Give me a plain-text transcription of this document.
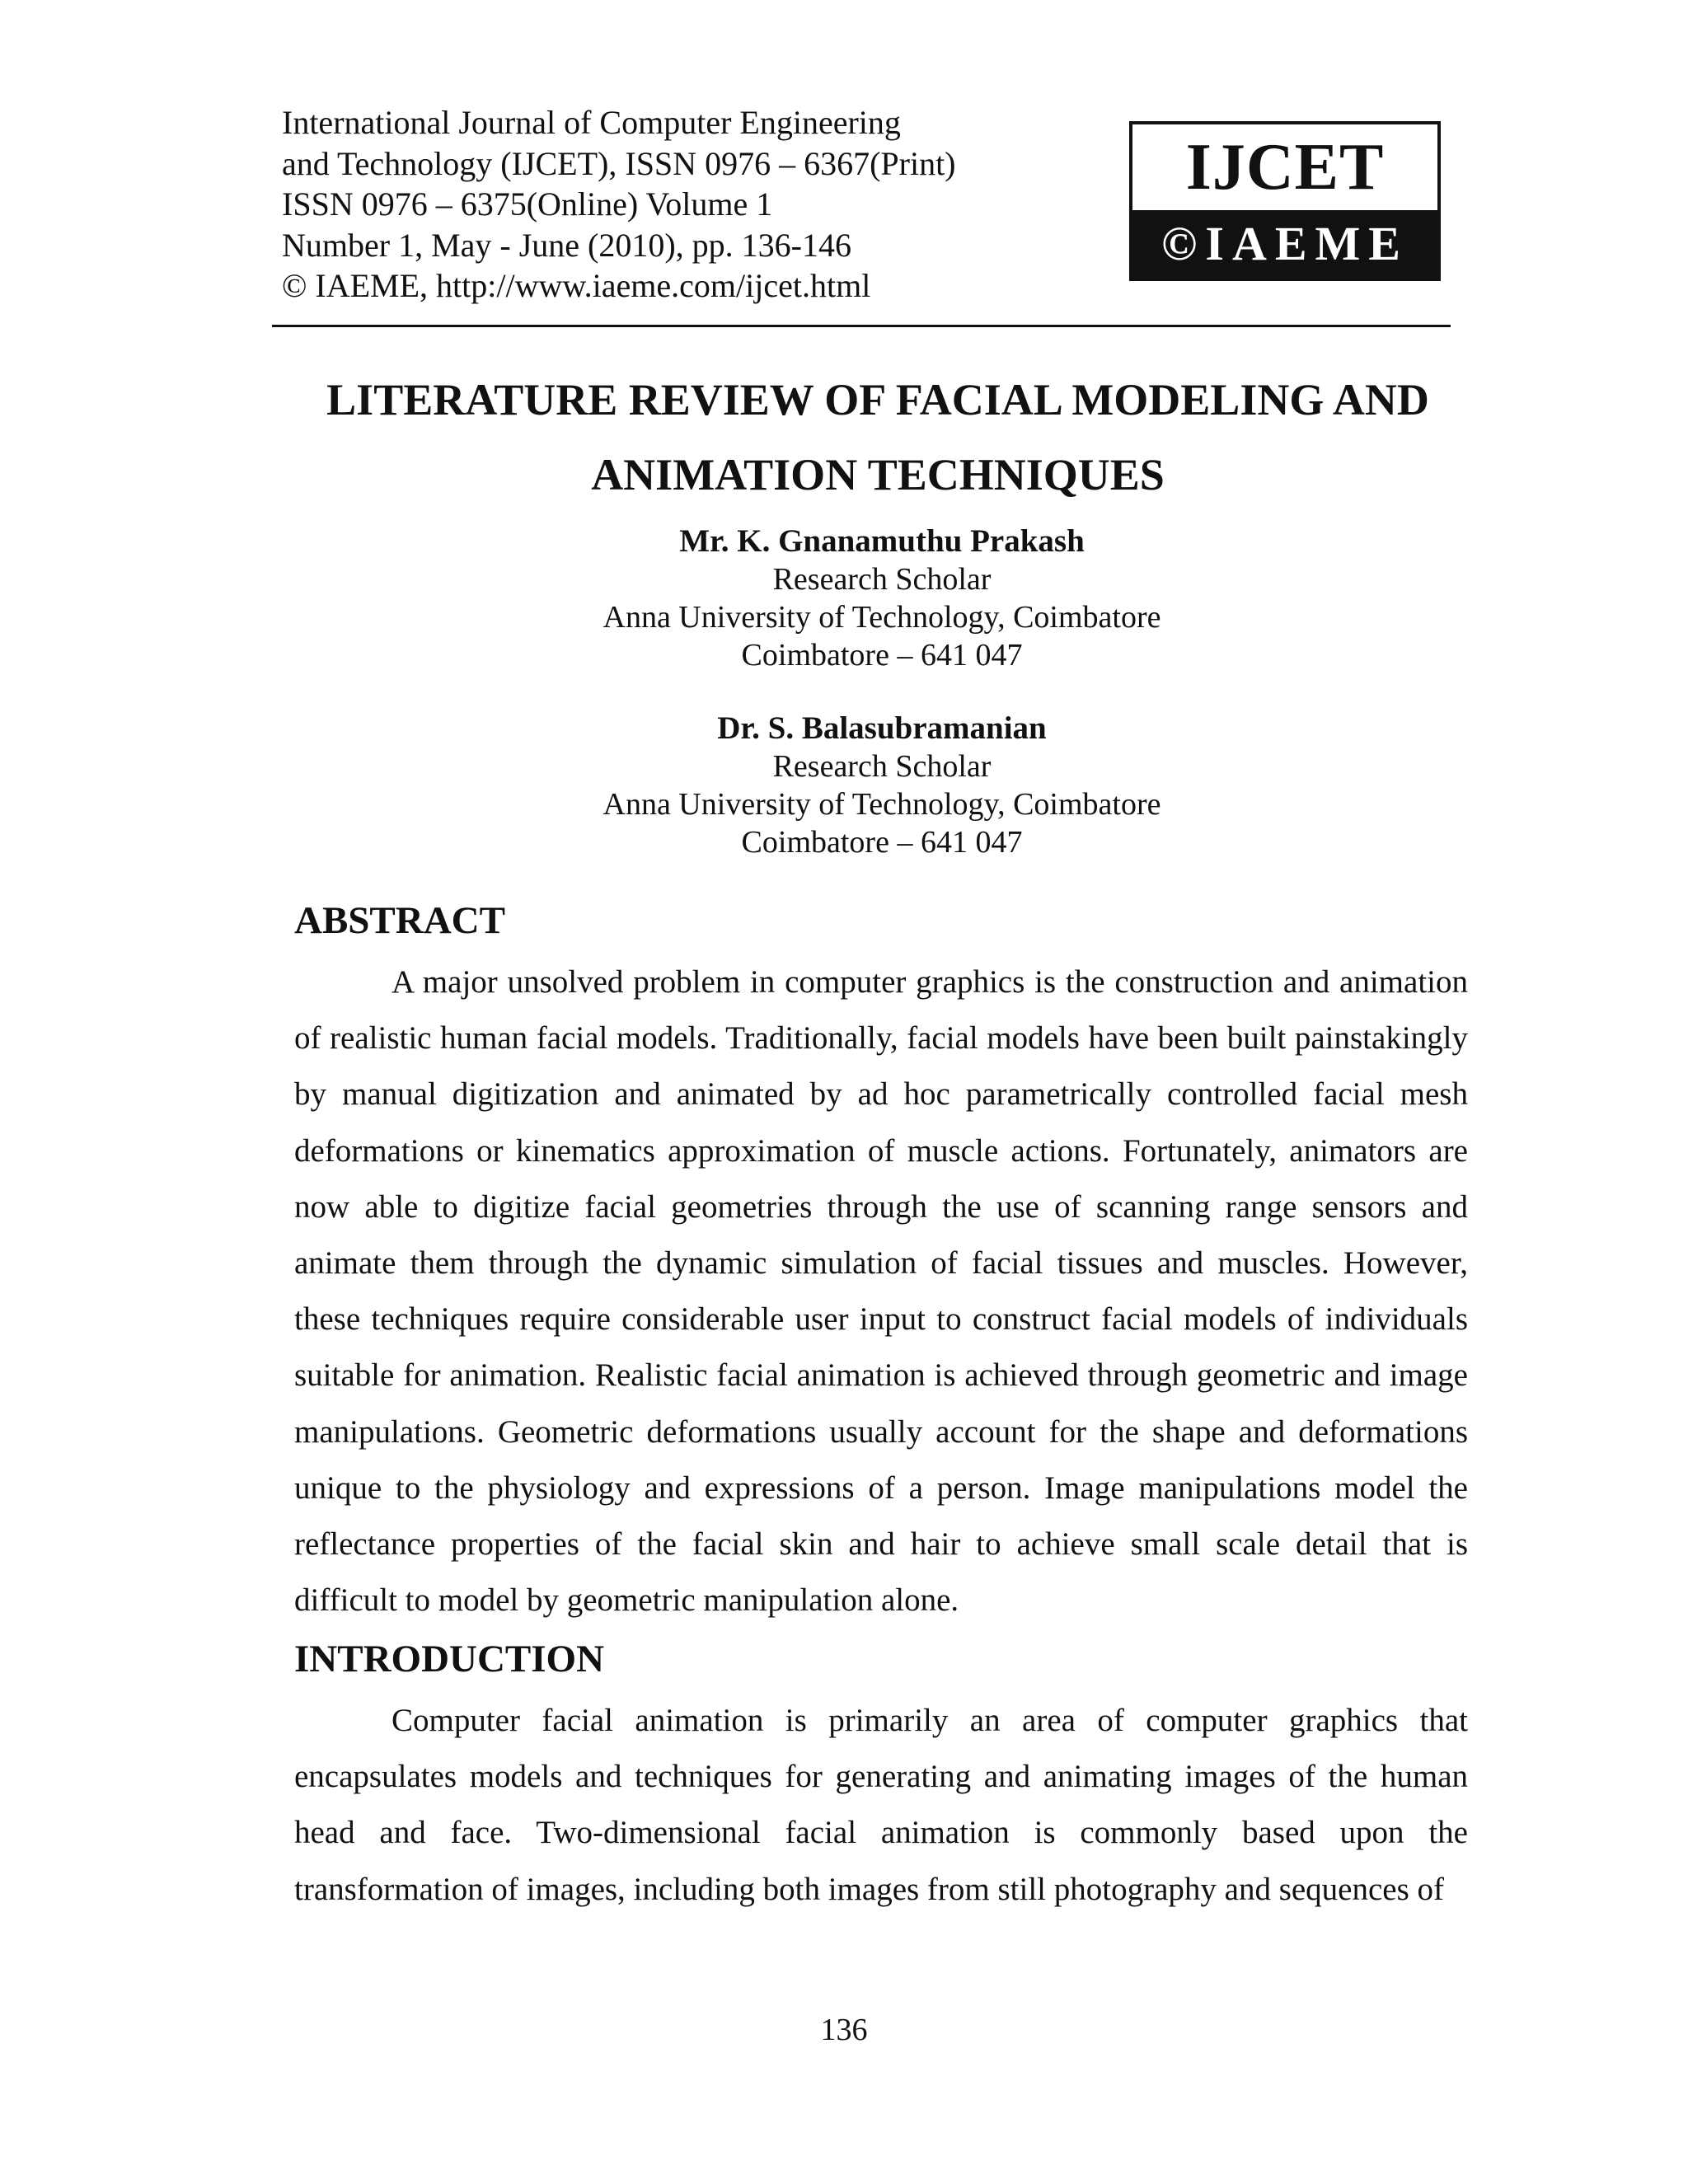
International Journal of Computer Engineering
and Technology (IJCET), ISSN 0976 – 6367(Print)
ISSN 0976 – 6375(Online) Volume 1
Number 1, May - June (2010), pp. 136-146
© IAEME, http://www.iaeme.com/ijcet.html
IJCET
©IAEME
LITERATURE REVIEW OF FACIAL MODELING AND
ANIMATION TECHNIQUES
Mr. K. Gnanamuthu Prakash
Research Scholar
Anna University of Technology, Coimbatore
Coimbatore – 641 047
Dr. S. Balasubramanian
Research Scholar
Anna University of Technology, Coimbatore
Coimbatore – 641 047
ABSTRACT

A major unsolved problem in computer graphics is the construction and animation of realistic human facial models. Traditionally, facial models have been built painstakingly by manual digitization and animated by ad hoc parametrically controlled facial mesh deformations or kinematics approximation of muscle actions. Fortunately, animators are now able to digitize facial geometries through the use of scanning range sensors and animate them through the dynamic simulation of facial tissues and muscles. However, these techniques require considerable user input to construct facial models of individuals suitable for animation. Realistic facial animation is achieved through geometric and image manipulations. Geometric deformations usually account for the shape and deformations unique to the physiology and expressions of a person. Image manipulations model the reflectance properties of the facial skin and hair to achieve small scale detail that is difficult to model by geometric manipulation alone.

INTRODUCTION

Computer facial animation is primarily an area of computer graphics that encapsulates models and techniques for generating and animating images of the human head and face. Two-dimensional facial animation is commonly based upon the transformation of images, including both images from still photography and sequences of

136
